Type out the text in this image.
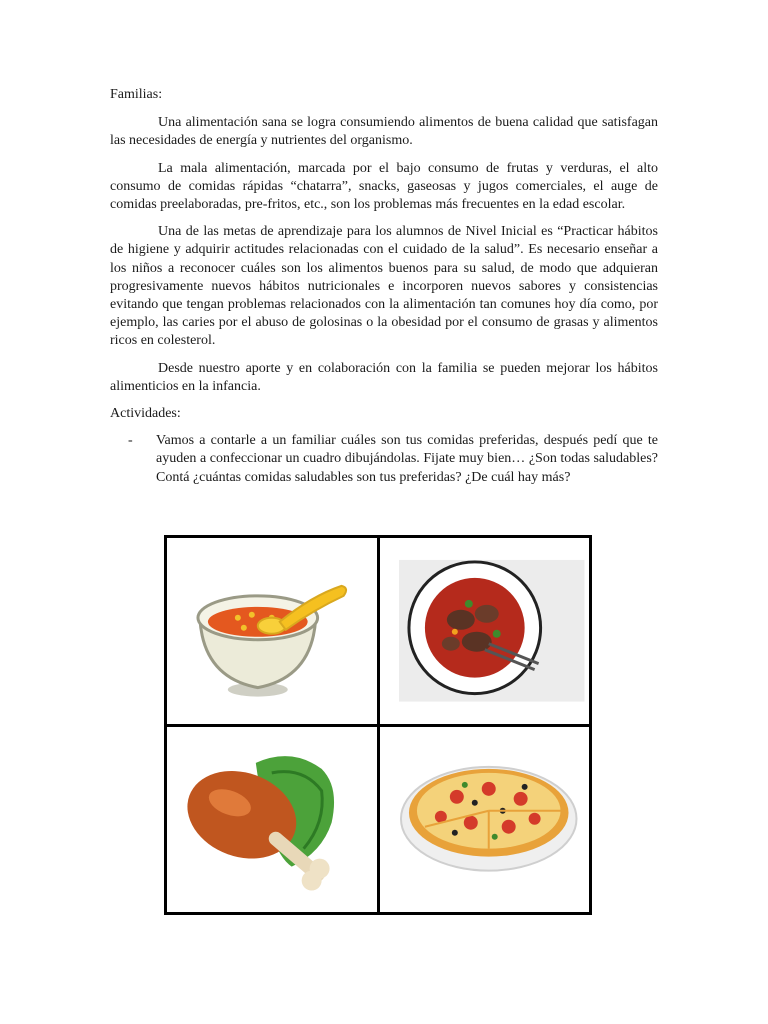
Familias:

Una alimentación sana se logra consumiendo alimentos de buena calidad que satisfagan las necesidades de energía y nutrientes del organismo.

La mala alimentación, marcada por el bajo consumo de frutas y verduras, el alto consumo de comidas rápidas “chatarra”, snacks, gaseosas y jugos comerciales, el auge de comidas preelaboradas, pre-fritos, etc., son los problemas más frecuentes en la edad escolar.

Una de las metas de aprendizaje para los alumnos de Nivel Inicial es “Practicar hábitos de higiene y adquirir actitudes relacionadas con el cuidado de la salud”. Es necesario enseñar a los niños a reconocer cuáles son los alimentos buenos para su salud, de modo que adquieran progresivamente nuevos hábitos nutricionales e incorporen nuevos sabores y consistencias evitando que tengan problemas relacionados con la alimentación tan comunes hoy día como, por ejemplo, las caries por el abuso de golosinas o la obesidad por el consumo de grasas y alimentos ricos en colesterol.

Desde nuestro aporte y en colaboración con la familia se pueden mejorar los hábitos alimenticios en la infancia.

Actividades:

-	Vamos a contarle a un familiar cuáles son tus comidas preferidas, después pedí que te ayuden a confeccionar un cuadro dibujándolas. Fijate muy bien… ¿Son todas saludables? Contá ¿cuántas comidas saludables son tus preferidas? ¿De cuál hay más?
